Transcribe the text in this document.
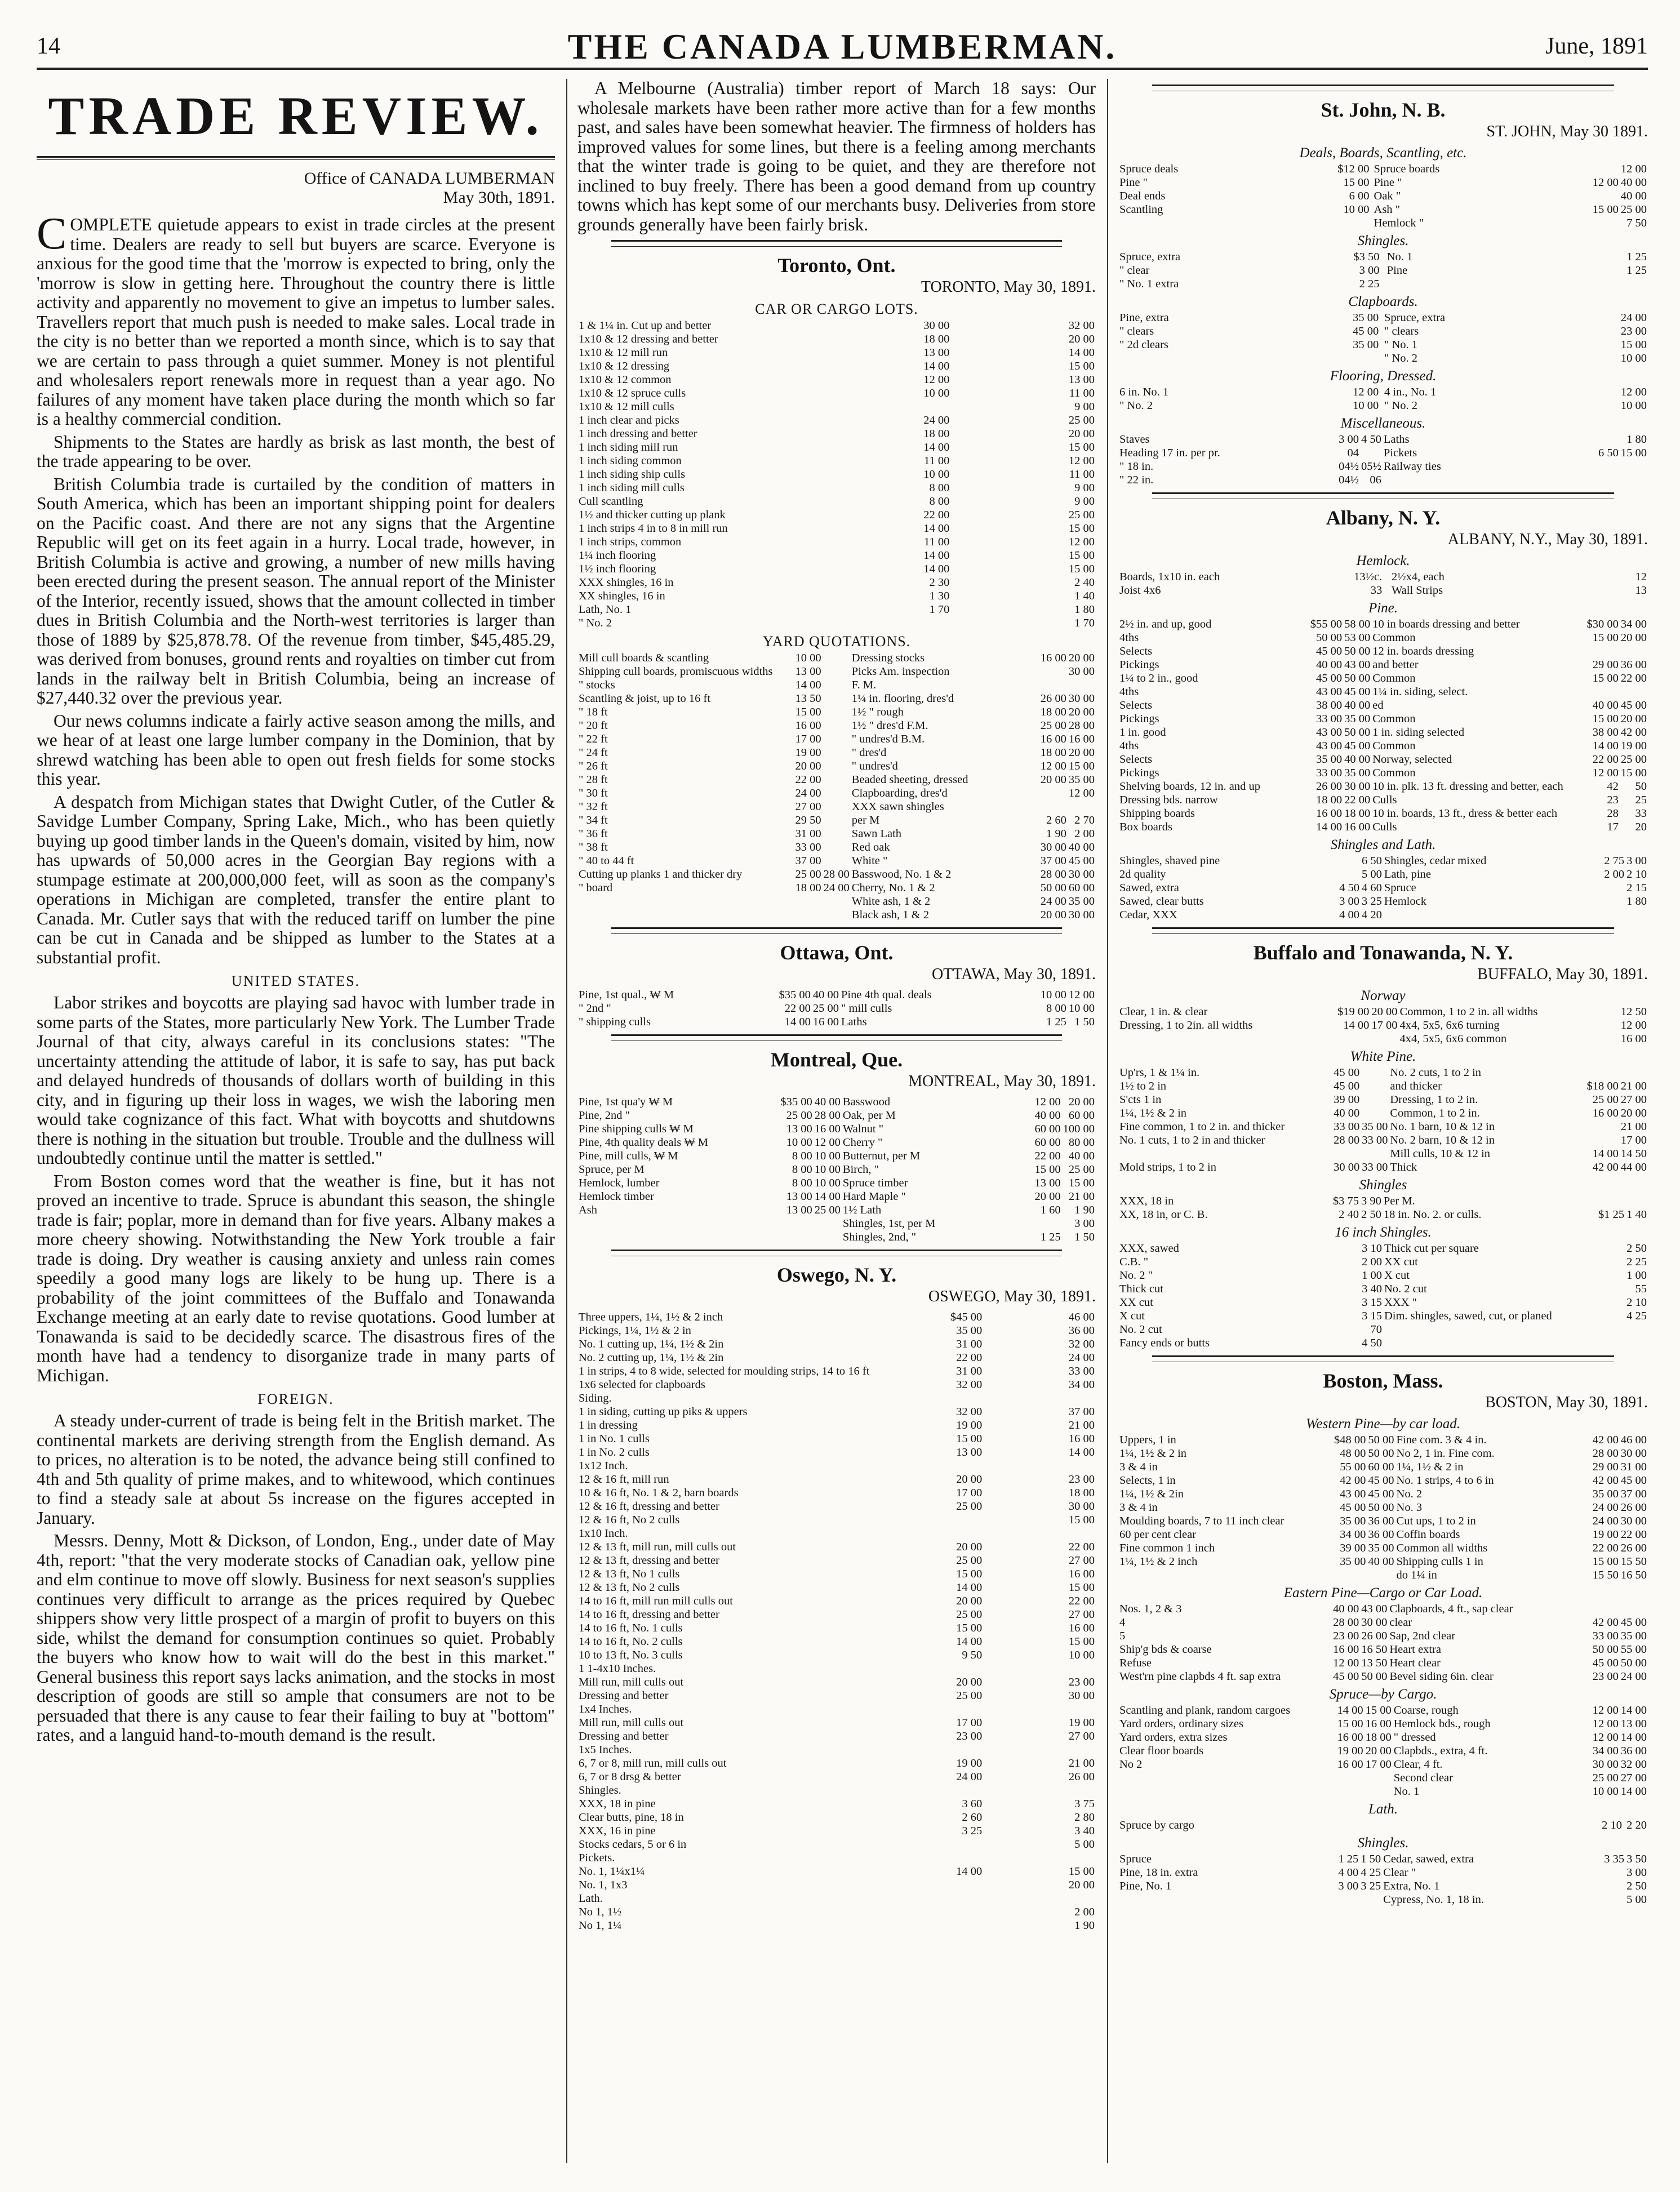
14	THE CANADA LUMBERMAN.	June, 1891
TRADE REVIEW.
Office of CANADA LUMBERMAN
May 30th, 1891.

COMPLETE quietude appears to exist in trade circles at the present time. Dealers are ready to sell but buyers are scarce. Everyone is anxious for the good time that the 'morrow is expected to bring, only the 'morrow is slow in getting here. Throughout the country there is little activity and apparently no movement to give an impetus to lumber sales. Travellers report that much push is needed to make sales. Local trade in the city is no better than we reported a month since, which is to say that we are certain to pass through a quiet summer. Money is not plentiful and wholesalers report renewals more in request than a year ago. No failures of any moment have taken place during the month which so far is a healthy commercial condition.

Shipments to the States are hardly as brisk as last month, the best of the trade appearing to be over.

British Columbia trade is curtailed by the condition of matters in South America, which has been an important shipping point for dealers on the Pacific coast. And there are not any signs that the Argentine Republic will get on its feet again in a hurry. Local trade, however, in British Columbia is active and growing, a number of new mills having been erected during the present season. The annual report of the Minister of the Interior, recently issued, shows that the amount collected in timber dues in British Columbia and the North-west territories is larger than those of 1889 by $25,878.78. Of the revenue from timber, $45,485.29, was derived from bonuses, ground rents and royalties on timber cut from lands in the railway belt in British Columbia, being an increase of $27,440.32 over the previous year.

Our news columns indicate a fairly active season among the mills, and we hear of at least one large lumber company in the Dominion, that by shrewd watching has been able to open out fresh fields for some stocks this year.

A despatch from Michigan states that Dwight Cutler, of the Cutler & Savidge Lumber Company, Spring Lake, Mich., who has been quietly buying up good timber lands in the Queen's domain, visited by him, now has upwards of 50,000 acres in the Georgian Bay regions with a stumpage estimate at 200,000,000 feet, will as soon as the company's operations in Michigan are completed, transfer the entire plant to Canada. Mr. Cutler says that with the reduced tariff on lumber the pine can be cut in Canada and be shipped as lumber to the States at a substantial profit.

UNITED STATES.

Labor strikes and boycotts are playing sad havoc with lumber trade in some parts of the States, more particularly New York. The Lumber Trade Journal of that city, always careful in its conclusions states: "The uncertainty attending the attitude of labor, it is safe to say, has put back and delayed hundreds of thousands of dollars worth of building in this city, and in figuring up their loss in wages, we wish the laboring men would take cognizance of this fact. What with boycotts and shutdowns there is nothing in the situation but trouble. Trouble and the dullness will undoubtedly continue until the matter is settled."

From Boston comes word that the weather is fine, but it has not proved an incentive to trade. Spruce is abundant this season, the shingle trade is fair; poplar, more in demand than for five years. Albany makes a more cheery showing. Notwithstanding the New York trouble a fair trade is doing. Dry weather is causing anxiety and unless rain comes speedily a good many logs are likely to be hung up. There is a probability of the joint committees of the Buffalo and Tonawanda Exchange meeting at an early date to revise quotations. Good lumber at Tonawanda is said to be decidedly scarce. The disastrous fires of the month have had a tendency to disorganize trade in many parts of Michigan.

FOREIGN.

A steady under-current of trade is being felt in the British market. The continental markets are deriving strength from the English demand. As to prices, no alteration is to be noted, the advance being still confined to 4th and 5th quality of prime makes, and to whitewood, which continues to find a steady sale at about 5s increase on the figures accepted in January.

Messrs. Denny, Mott & Dickson, of London, Eng., under date of May 4th, report: "that the very moderate stocks of Canadian oak, yellow pine and elm continue to move off slowly. Business for next season's supplies continues very difficult to arrange as the prices required by Quebec shippers show very little prospect of a margin of profit to buyers on this side, whilst the demand for consumption continues so quiet. Probably the buyers who know how to wait will do the best in this market." General business this report says lacks animation, and the stocks in most description of goods are still so ample that consumers are not to be persuaded that there is any cause to fear their failing to buy at "bottom" rates, and a languid hand-to-mouth demand is the result.

A Melbourne (Australia) timber report of March 18 says: Our wholesale markets have been rather more active than for a few months past, and sales have been somewhat heavier. The firmness of holders has improved values for some lines, but there is a feeling among merchants that the winter trade is going to be quiet, and they are therefore not inclined to buy freely. There has been a good demand from up country towns which has kept some of our merchants busy. Deliveries from store grounds generally have been fairly brisk.

Toronto, Ont.
TORONTO, May 30, 1891.
CAR OR CARGO LOTS.
1 & 1¼ in. Cut up and better	30 00	32 00
1x10 & 12 dressing and better	18 00	20 00
1x10 & 12 mill run	13 00	14 00
1x10 & 12 dressing	14 00	15 00
1x10 & 12 common	12 00	13 00
1x10 & 12 spruce culls	10 00	11 00
1x10 & 12 mill culls		9 00
1 inch clear and picks	24 00	25 00
1 inch dressing and better	18 00	20 00
1 inch siding mill run	14 00	15 00
1 inch siding common	11 00	12 00
1 inch siding ship culls	10 00	11 00
1 inch siding mill culls	8 00	9 00
Cull scantling	8 00	9 00
1½ and thicker cutting up plank	22 00	25 00
1 inch strips 4 in to 8 in mill run	14 00	15 00
1 inch strips, common	11 00	12 00
1¼ inch flooring	14 00	15 00
1½ inch flooring	14 00	15 00
XXX shingles, 16 in	2 30	2 40
XX shingles, 16 in	1 30	1 40
Lath, No. 1	1 70	1 80
" No. 2		1 70
YARD QUOTATIONS.
Mill cull boards & scantling	10 00		Dressing stocks	16 00	20 00
Shipping cull boards, promiscuous widths	13 00		Picks Am. inspection		30 00
" stocks	14 00		F. M.		
Scantling & joist, up to 16 ft	13 50		1¼ in. flooring, dres'd	26 00	30 00
" 18 ft	15 00		1½ " rough	18 00	20 00
" 20 ft	16 00		1½ " dres'd F.M.	25 00	28 00
" 22 ft	17 00		" undres'd B.M.	16 00	16 00
" 24 ft	19 00		" dres'd	18 00	20 00
" 26 ft	20 00		" undres'd	12 00	15 00
" 28 ft	22 00		Beaded sheeting, dressed	20 00	35 00
" 30 ft	24 00		Clapboarding, dres'd		12 00
" 32 ft	27 00		XXX sawn shingles		
" 34 ft	29 50		per M	2 60	2 70
" 36 ft	31 00		Sawn Lath	1 90	2 00
" 38 ft	33 00		Red oak	30 00	40 00
" 40 to 44 ft	37 00		White "	37 00	45 00
Cutting up planks 1 and thicker dry	25 00	28 00	Basswood, No. 1 & 2	28 00	30 00
" board	18 00	24 00	Cherry, No. 1 & 2	50 00	60 00
			White ash, 1 & 2	24 00	35 00
			Black ash, 1 & 2	20 00	30 00
Ottawa, Ont.
OTTAWA, May 30, 1891.
Pine, 1st qual., ₩ M	$35 00	40 00	Pine 4th qual. deals	10 00	12 00
" 2nd "	22 00	25 00	" mill culls	8 00	10 00
" shipping culls	14 00	16 00	Laths	1 25	1 50
Montreal, Que.
MONTREAL, May 30, 1891.
Pine, 1st qua'y ₩ M	$35 00	40 00	Basswood	12 00	20 00
Pine, 2nd "	25 00	28 00	Oak, per M	40 00	60 00
Pine shipping culls ₩ M	13 00	16 00	Walnut "	60 00	100 00
Pine, 4th quality deals ₩ M	10 00	12 00	Cherry "	60 00	80 00
Pine, mill culls, ₩ M	8 00	10 00	Butternut, per M	22 00	40 00
Spruce, per M	8 00	10 00	Birch, "	15 00	25 00
Hemlock, lumber	8 00	10 00	Spruce timber	13 00	15 00
Hemlock timber	13 00	14 00	Hard Maple "	20 00	21 00
Ash	13 00	25 00	1½ Lath	1 60	1 90
			Shingles, 1st, per M		3 00
			Shingles, 2nd, "	1 25	1 50
Oswego, N. Y.
OSWEGO, May 30, 1891.
Three uppers, 1¼, 1½ & 2 inch	$45 00	46 00
Pickings, 1¼, 1½ & 2 in	35 00	36 00
No. 1 cutting up, 1¼, 1½ & 2in	31 00	32 00
No. 2 cutting up, 1¼, 1½ & 2in	22 00	24 00
1 in strips, 4 to 8 wide, selected for moulding strips, 14 to 16 ft	31 00	33 00
1x6 selected for clapboards	32 00	34 00
Siding.		
1 in siding, cutting up piks & uppers	32 00	37 00
1 in dressing	19 00	21 00
1 in No. 1 culls	15 00	16 00
1 in No. 2 culls	13 00	14 00
1x12 Inch.		
12 & 16 ft, mill run	20 00	23 00
10 & 16 ft, No. 1 & 2, barn boards	17 00	18 00
12 & 16 ft, dressing and better	25 00	30 00
12 & 16 ft, No 2 culls		15 00
1x10 Inch.		
12 & 13 ft, mill run, mill culls out	20 00	22 00
12 & 13 ft, dressing and better	25 00	27 00
12 & 13 ft, No 1 culls	15 00	16 00
12 & 13 ft, No 2 culls	14 00	15 00
14 to 16 ft, mill run mill culls out	20 00	22 00
14 to 16 ft, dressing and better	25 00	27 00
14 to 16 ft, No. 1 culls	15 00	16 00
14 to 16 ft, No. 2 culls	14 00	15 00
10 to 13 ft, No. 3 culls	9 50	10 00
1 1-4x10 Inches.		
Mill run, mill culls out	20 00	23 00
Dressing and better	25 00	30 00
1x4 Inches.		
Mill run, mill culls out	17 00	19 00
Dressing and better	23 00	27 00
1x5 Inches.		
6, 7 or 8, mill run, mill culls out	19 00	21 00
6, 7 or 8 drsg & better	24 00	26 00
Shingles.		
XXX, 18 in pine	3 60	3 75
Clear butts, pine, 18 in	2 60	2 80
XXX, 16 in pine	3 25	3 40
Stocks cedars, 5 or 6 in		5 00
Pickets.		
No. 1, 1¼x1¼	14 00	15 00
No. 1, 1x3		20 00
Lath.		
No 1, 1½		2 00
No 1, 1¼		1 90
St. John, N. B.
ST. JOHN, May 30 1891.
Deals, Boards, Scantling, etc.
Spruce deals	$12 00		Spruce boards		12 00
Pine "	15 00		Pine "	12 00	40 00
Deal ends	6 00		Oak "		40 00
Scantling	10 00		Ash "	15 00	25 00
			Hemlock "		7 50
Shingles.
Spruce, extra	$3 50		No. 1		1 25
" clear	3 00		Pine		1 25
" No. 1 extra	2 25				
Clapboards.
Pine, extra	35 00		Spruce, extra		24 00
" clears	45 00		" clears		23 00
" 2d clears	35 00		" No. 1		15 00
			" No. 2		10 00
Flooring, Dressed.
6 in. No. 1	12 00		4 in., No. 1		12 00
" No. 2	10 00		" No. 2		10 00
Miscellaneous.
Staves	3 00	4 50	Laths		1 80
Heading 17 in. per pr.	04		Pickets	6 50	15 00
" 18 in.	04½	05½	Railway ties		
" 22 in.	04½	06			
Albany, N. Y.
ALBANY, N.Y., May 30, 1891.
Hemlock.
Boards, 1x10 in. each	13½c.		2½x4, each		12
Joist 4x6	33		Wall Strips		13
Pine.
2½ in. and up, good	$55 00	58 00	10 in boards dressing and better	$30 00	34 00
4ths	50 00	53 00	Common	15 00	20 00
Selects	45 00	50 00	12 in. boards dressing		
Pickings	40 00	43 00	and better	29 00	36 00
1¼ to 2 in., good	45 00	50 00	Common	15 00	22 00
4ths	43 00	45 00	1¼ in. siding, select.		
Selects	38 00	40 00	ed	40 00	45 00
Pickings	33 00	35 00	Common	15 00	20 00
1 in. good	43 00	50 00	1 in. siding selected	38 00	42 00
4ths	43 00	45 00	Common	14 00	19 00
Selects	35 00	40 00	Norway, selected	22 00	25 00
Pickings	33 00	35 00	Common	12 00	15 00
Shelving boards, 12 in. and up	26 00	30 00	10 in. plk. 13 ft. dressing and better, each	42	50
Dressing bds. narrow	18 00	22 00	Culls	23	25
Shipping boards	16 00	18 00	10 in. boards, 13 ft., dress & better each	28	33
Box boards	14 00	16 00	Culls	17	20
Shingles and Lath.
Shingles, shaved pine		6 50	Shingles, cedar mixed	2 75	3 00
2d quality		5 00	Lath, pine	2 00	2 10
Sawed, extra	4 50	4 60	Spruce		2 15
Sawed, clear butts	3 00	3 25	Hemlock		1 80
Cedar, XXX	4 00	4 20			
Buffalo and Tonawanda, N. Y.
BUFFALO, May 30, 1891.
Norway
Clear, 1 in. & clear	$19 00	20 00	Common, 1 to 2 in. all widths		12 50
Dressing, 1 to 2in. all widths	14 00	17 00	4x4, 5x5, 6x6 turning		12 00
			4x4, 5x5, 6x6 common		16 00
White Pine.
Up'rs, 1 & 1¼ in.	45 00		No. 2 cuts, 1 to 2 in		
1½ to 2 in	45 00		and thicker	$18 00	21 00
S'cts 1 in	39 00		Dressing, 1 to 2 in.	25 00	27 00
1¼, 1½ & 2 in	40 00		Common, 1 to 2 in.	16 00	20 00
Fine common, 1 to 2 in. and thicker	33 00	35 00	No. 1 barn, 10 & 12 in		21 00
No. 1 cuts, 1 to 2 in and thicker	28 00	33 00	No. 2 barn, 10 & 12 in		17 00
			Mill culls, 10 & 12 in	14 00	14 50
Mold strips, 1 to 2 in	30 00	33 00	Thick	42 00	44 00
Shingles
XXX, 18 in	$3 75	3 90	Per M.		
XX, 18 in, or C. B.	2 40	2 50	18 in. No. 2. or culls.	$1 25	1 40
16 inch Shingles.
XXX, sawed		3 10	Thick cut per square		2 50
C.B. "		2 00	XX cut		2 25
No. 2 "		1 00	X cut		1 00
Thick cut		3 40	No. 2 cut		55
XX cut		3 15	XXX "		2 10
X cut		3 15	Dim. shingles, sawed, cut, or planed		4 25
No. 2 cut		70			
Fancy ends or butts		4 50			
Boston, Mass.
BOSTON, May 30, 1891.
Western Pine—by car load.
Uppers, 1 in	$48 00	50 00	Fine com. 3 & 4 in.	42 00	46 00
1¼, 1½ & 2 in	48 00	50 00	No 2, 1 in. Fine com.	28 00	30 00
3 & 4 in	55 00	60 00	1¼, 1½ & 2 in	29 00	31 00
Selects, 1 in	42 00	45 00	No. 1 strips, 4 to 6 in	42 00	45 00
1¼, 1½ & 2in	43 00	45 00	No. 2	35 00	37 00
3 & 4 in	45 00	50 00	No. 3	24 00	26 00
Moulding boards, 7 to 11 inch clear	35 00	36 00	Cut ups, 1 to 2 in	24 00	30 00
60 per cent clear	34 00	36 00	Coffin boards	19 00	22 00
Fine common 1 inch	39 00	35 00	Common all widths	22 00	26 00
1¼, 1½ & 2 inch	35 00	40 00	Shipping culls 1 in	15 00	15 50
			do 1¼ in	15 50	16 50
Eastern Pine—Cargo or Car Load.
Nos. 1, 2 & 3	40 00	43 00	Clapboards, 4 ft., sap clear		
4	28 00	30 00	clear	42 00	45 00
5	23 00	26 00	Sap, 2nd clear	33 00	35 00
Ship'g bds & coarse	16 00	16 50	Heart extra	50 00	55 00
Refuse	12 00	13 50	Heart clear	45 00	50 00
West'rn pine clapbds 4 ft. sap extra	45 00	50 00	Bevel siding 6in. clear	23 00	24 00
Spruce—by Cargo.
Scantling and plank, random cargoes	14 00	15 00	Coarse, rough	12 00	14 00
Yard orders, ordinary sizes	15 00	16 00	Hemlock bds., rough	12 00	13 00
Yard orders, extra sizes	16 00	18 00	" dressed	12 00	14 00
Clear floor boards	19 00	20 00	Clapbds., extra, 4 ft.	34 00	36 00
No 2	16 00	17 00	Clear, 4 ft.	30 00	32 00
			Second clear	25 00	27 00
			No. 1	10 00	14 00
Lath.
Spruce by cargo				2 10	2 20
Shingles.
Spruce	1 25	1 50	Cedar, sawed, extra	3 35	3 50
Pine, 18 in. extra	4 00	4 25	Clear "		3 00
Pine, No. 1	3 00	3 25	Extra, No. 1		2 50
			Cypress, No. 1, 18 in.		5 00
